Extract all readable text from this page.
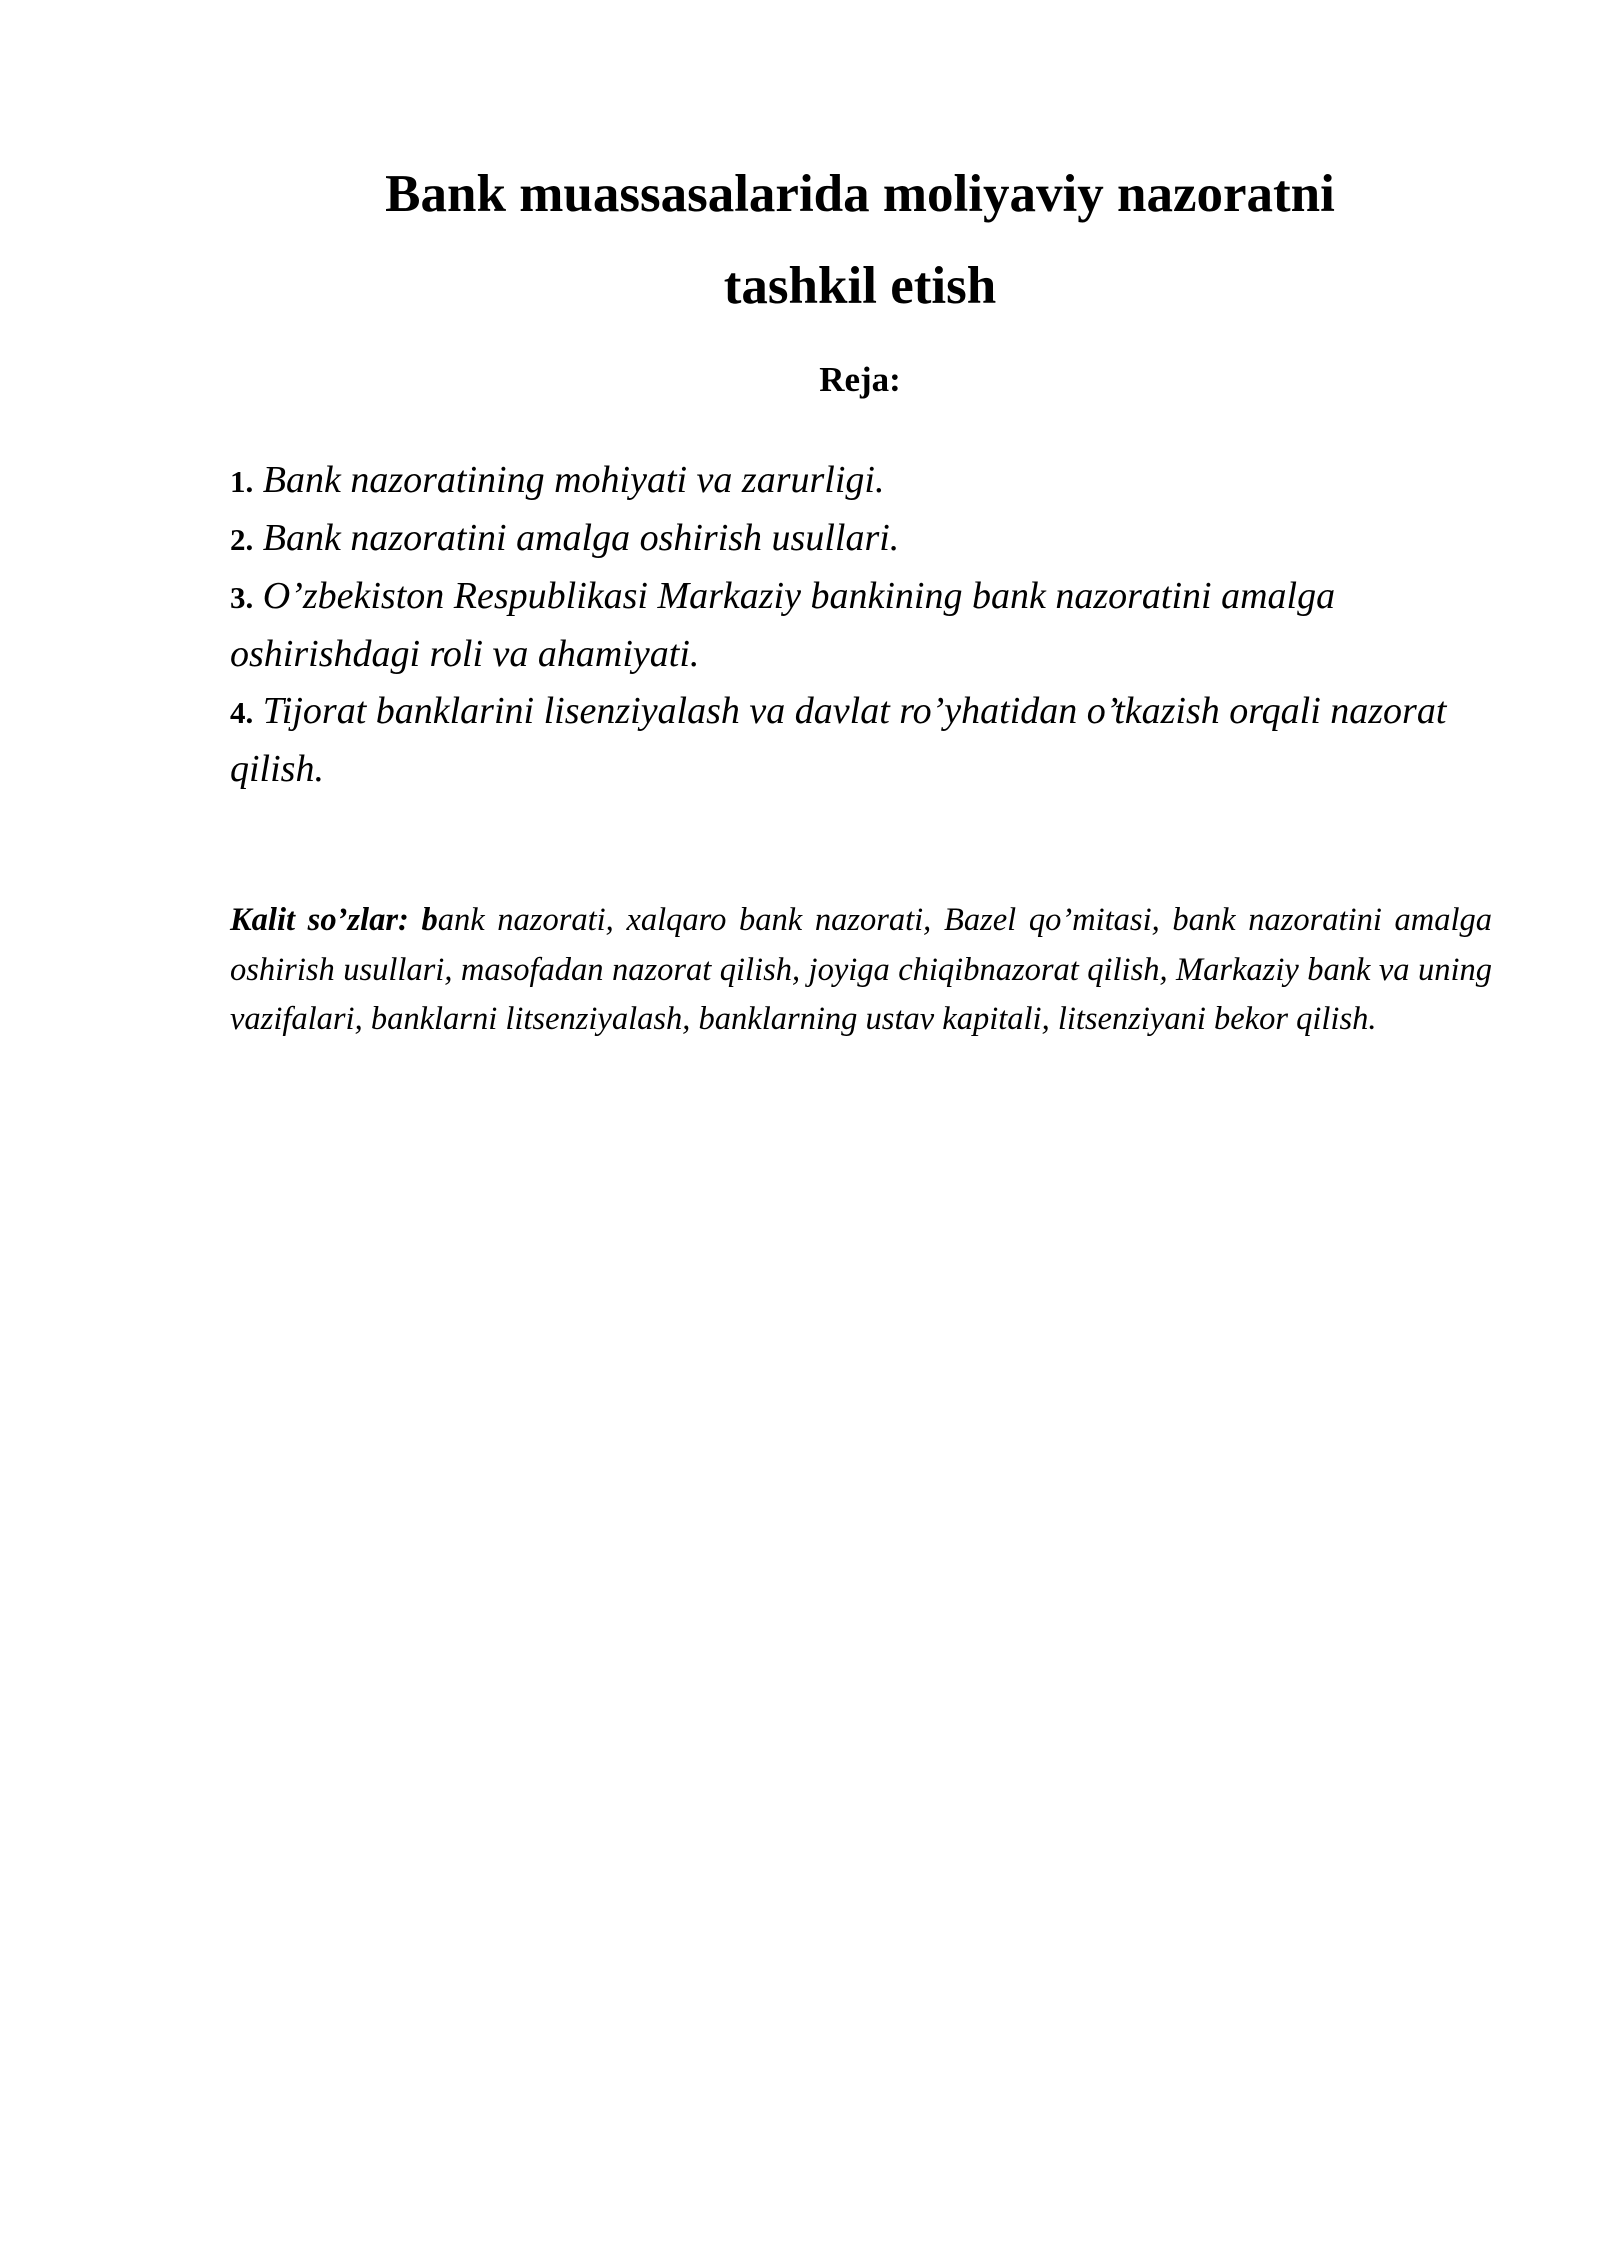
Bank muassasalarida moliyaviy nazoratni
tashkil etish
Reja:
1. Bank nazoratining mohiyati va zarurligi.
2. Bank nazoratini amalga oshirish usullari.
3. O’zbekiston Respublikasi Markaziy bankining bank nazoratini amalga oshirishdagi roli va ahamiyati.
4. Tijorat banklarini lisenziyalash va davlat ro’yhatidan o’tkazish orqali nazorat qilish.

Kalit so’zlar: bank nazorati, xalqaro bank nazorati, Bazel qo’mitasi, bank nazoratini amalga oshirish usullari, masofadan nazorat qilish, joyiga chiqibnazorat qilish, Markaziy bank va uning vazifalari, banklarni litsenziyalash, banklarning ustav kapitali, litsenziyani bekor qilish.
